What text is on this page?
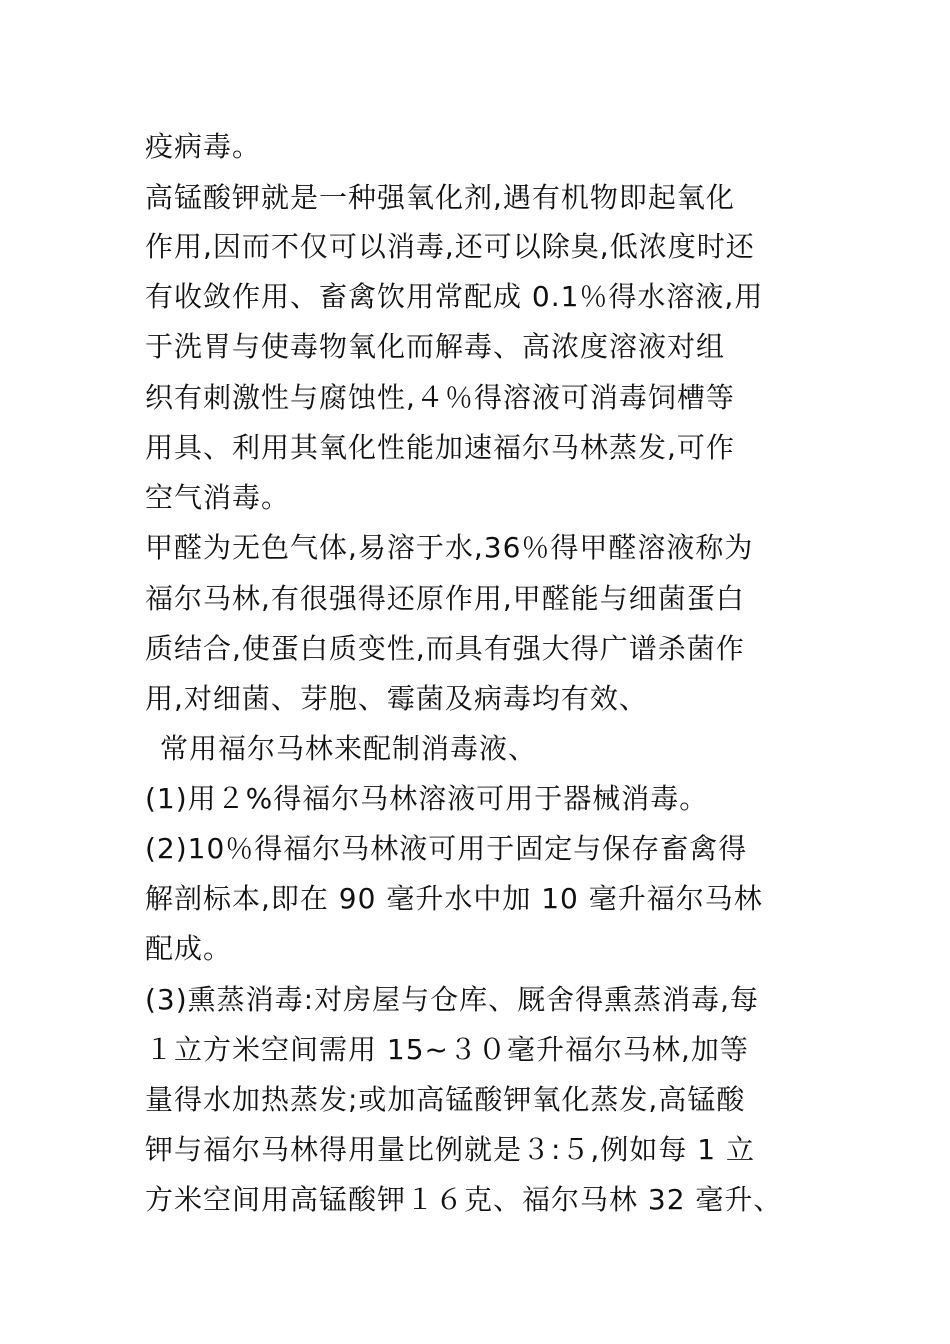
疫病毒。
高锰酸钾就是一种强氧化剂,遇有机物即起氧化
作用,因而不仅可以消毒,还可以除臭,低浓度时还
有收敛作用、畜禽饮用常配成 0.1％得水溶液,用
于洗胃与使毒物氧化而解毒、高浓度溶液对组
织有刺激性与腐蚀性,４％得溶液可消毒饲槽等
用具、利用其氧化性能加速福尔马林蒸发,可作
空气消毒。
甲醛为无色气体,易溶于水,36％得甲醛溶液称为
福尔马林,有很强得还原作用,甲醛能与细菌蛋白
质结合,使蛋白质变性,而具有强大得广谱杀菌作
用,对细菌、芽胞、霉菌及病毒均有效、
常用福尔马林来配制消毒液、
(1)用２%得福尔马林溶液可用于器械消毒。
(2)10％得福尔马林液可用于固定与保存畜禽得
解剖标本,即在 90 毫升水中加 10 毫升福尔马林
配成。
(3)熏蒸消毒:对房屋与仓库、厩舍得熏蒸消毒,每
１立方米空间需用 15~３０毫升福尔马林,加等
量得水加热蒸发;或加高锰酸钾氧化蒸发,高锰酸
钾与福尔马林得用量比例就是３:５,例如每 1 立
方米空间用高锰酸钾１６克、福尔马林 32 毫升、
